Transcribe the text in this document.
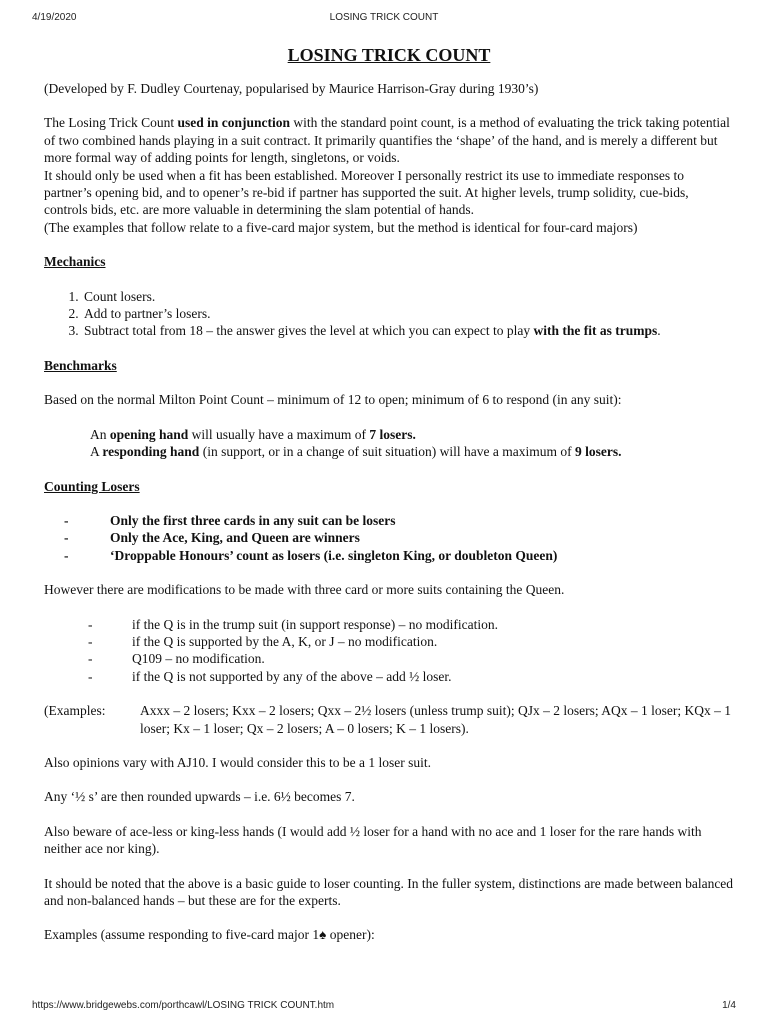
4/19/2020	LOSING TRICK COUNT
LOSING TRICK COUNT

(Developed by F. Dudley Courtenay, popularised by Maurice Harrison-Gray during 1930’s)

The Losing Trick Count used in conjunction with the standard point count, is a method of evaluating the trick taking potential of two combined hands playing in a suit contract. It primarily quantifies the ‘shape’ of the hand, and is merely a different but more formal way of adding points for length, singletons, or voids.

It should only be used when a fit has been established. Moreover I personally restrict its use to immediate responses to partner’s opening bid, and to opener’s re-bid if partner has supported the suit. At higher levels, trump solidity, cue-bids, controls bids, etc. are more valuable in determining the slam potential of hands.

(The examples that follow relate to a five-card major system, but the method is identical for four-card majors)

Mechanics

1. Count losers.
2. Add to partner’s losers.
3. Subtract total from 18 – the answer gives the level at which you can expect to play with the fit as trumps.

Benchmarks

Based on the normal Milton Point Count – minimum of 12 to open; minimum of 6 to respond (in any suit):

An opening hand will usually have a maximum of 7 losers.

A responding hand (in support, or in a change of suit situation) will have a maximum of 9 losers.

Counting Losers

-	Only the first three cards in any suit can be losers
-	Only the Ace, King, and Queen are winners
-	‘Droppable Honours’ count as losers (i.e. singleton King, or doubleton Queen)

However there are modifications to be made with three card or more suits containing the Queen.

-	if the Q is in the trump suit (in support response) – no modification.
-	if the Q is supported by the A, K, or J – no modification.
-	Q109 – no modification.
-	if the Q is not supported by any of the above – add ½ loser.
(Examples:	Axxx – 2 losers; Kxx – 2 losers; Qxx – 2½ losers (unless trump suit); QJx – 2 losers; AQx – 1 loser; KQx – 1 loser; Kx – 1 loser; Qx – 2 losers; A – 0 losers; K – 1 losers).

Also opinions vary with AJ10. I would consider this to be a 1 loser suit.

Any ‘½ s’ are then rounded upwards – i.e. 6½ becomes 7.

Also beware of ace-less or king-less hands (I would add ½ loser for a hand with no ace and 1 loser for the rare hands with neither ace nor king).

It should be noted that the above is a basic guide to loser counting. In the fuller system, distinctions are made between balanced and non-balanced hands – but these are for the experts.

Examples (assume responding to five-card major 1♠ opener):

https://www.bridgewebs.com/porthcawl/LOSING TRICK COUNT.htm	1/4
